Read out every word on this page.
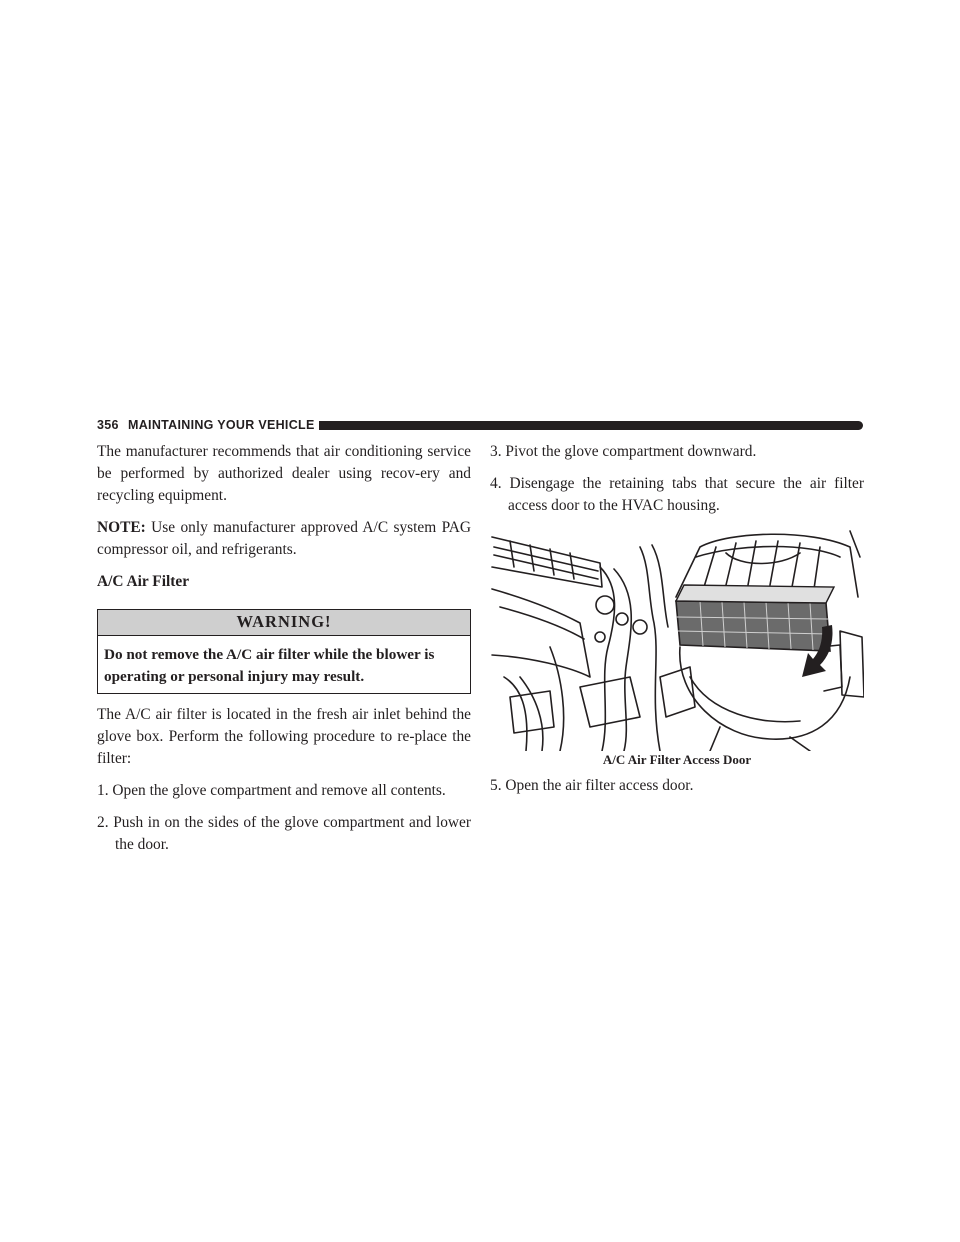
356 MAINTAINING YOUR VEHICLE

The manufacturer recommends that air conditioning service be performed by authorized dealer using recov-ery and recycling equipment.

NOTE: Use only manufacturer approved A/C system PAG compressor oil, and refrigerants.

A/C Air Filter

WARNING!
Do not remove the A/C air filter while the blower is operating or personal injury may result.

The A/C air filter is located in the fresh air inlet behind the glove box. Perform the following procedure to re-place the filter:

1. Open the glove compartment and remove all contents.

2. Push in on the sides of the glove compartment and lower the door.

3. Pivot the glove compartment downward.

4. Disengage the retaining tabs that secure the air filter access door to the HVAC housing.

A/C Air Filter Access Door

5. Open the air filter access door.
